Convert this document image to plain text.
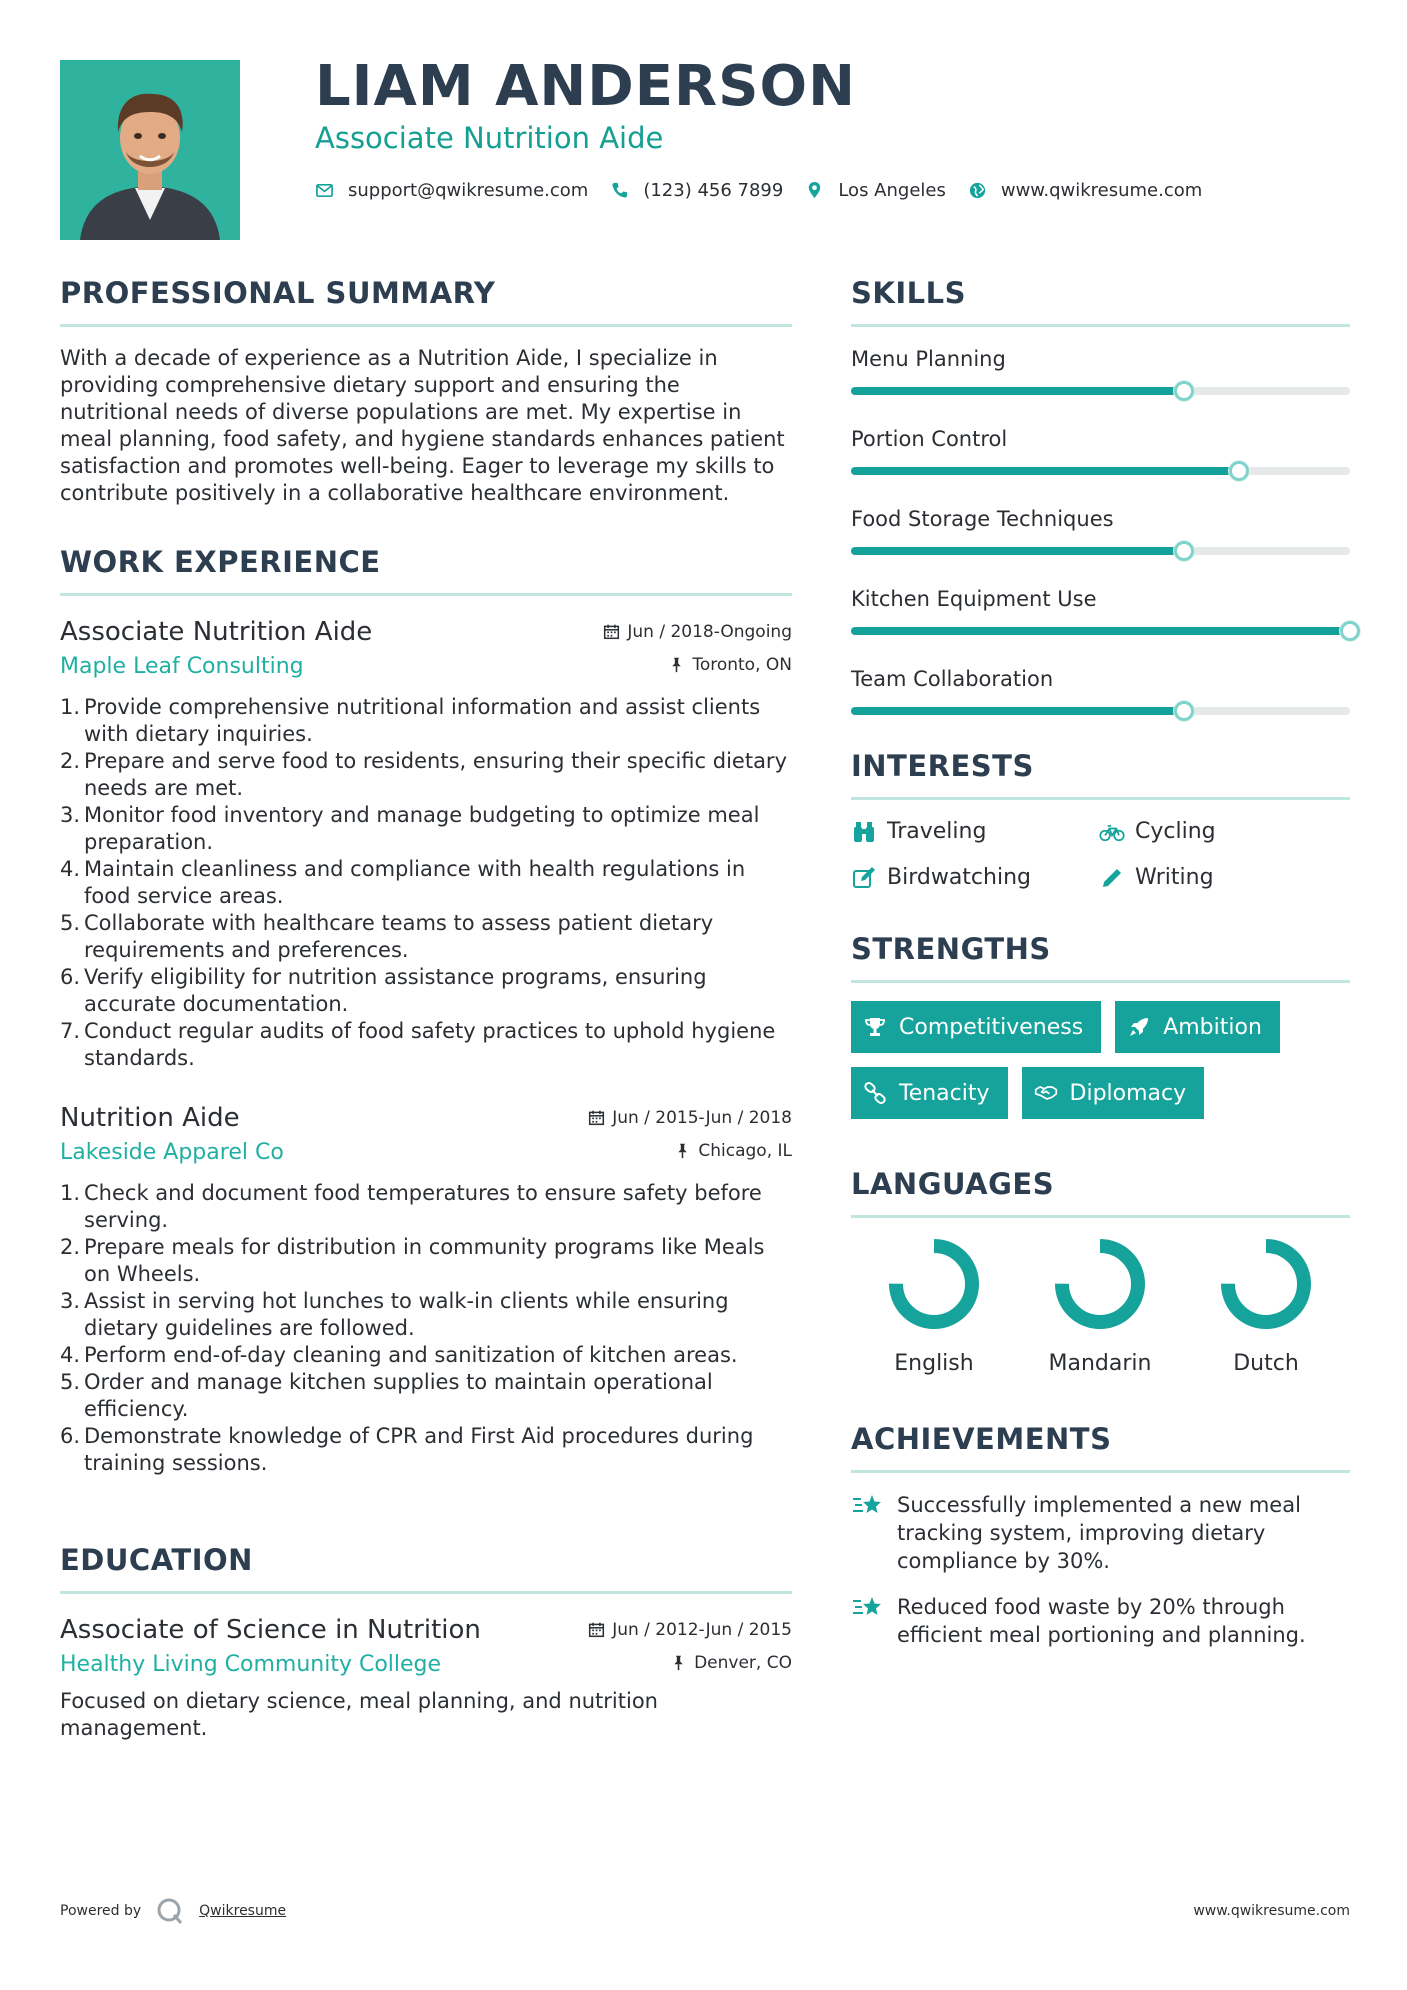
LIAM ANDERSON
Associate Nutrition Aide
support@qwikresume.com	(123) 456 7899	Los Angeles	www.qwikresume.com
PROFESSIONAL SUMMARY

With a decade of experience as a Nutrition Aide, I specialize in providing comprehensive dietary support and ensuring the nutritional needs of diverse populations are met. My expertise in meal planning, food safety, and hygiene standards enhances patient satisfaction and promotes well-being. Eager to leverage my skills to contribute positively in a collaborative healthcare environment.

WORK EXPERIENCE
Associate Nutrition Aide	Jun / 2018-Ongoing
Maple Leaf Consulting	Toronto, ON
1. Provide comprehensive nutritional information and assist clients with dietary inquiries.
2. Prepare and serve food to residents, ensuring their specific dietary needs are met.
3. Monitor food inventory and manage budgeting to optimize meal preparation.
4. Maintain cleanliness and compliance with health regulations in food service areas.
5. Collaborate with healthcare teams to assess patient dietary requirements and preferences.
6. Verify eligibility for nutrition assistance programs, ensuring accurate documentation.
7. Conduct regular audits of food safety practices to uphold hygiene standards.
Nutrition Aide	Jun / 2015-Jun / 2018
Lakeside Apparel Co	Chicago, IL
1. Check and document food temperatures to ensure safety before serving.
2. Prepare meals for distribution in community programs like Meals on Wheels.
3. Assist in serving hot lunches to walk-in clients while ensuring dietary guidelines are followed.
4. Perform end-of-day cleaning and sanitization of kitchen areas.
5. Order and manage kitchen supplies to maintain operational efficiency.
6. Demonstrate knowledge of CPR and First Aid procedures during training sessions.
EDUCATION
Associate of Science in Nutrition	Jun / 2012-Jun / 2015
Healthy Living Community College	Denver, CO

Focused on dietary science, meal planning, and nutrition management.

SKILLS
Menu Planning
Portion Control
Food Storage Techniques
Kitchen Equipment Use
Team Collaboration
INTERESTS
Traveling	Cycling
Birdwatching	Writing
STRENGTHS
Competitiveness	Ambition
Tenacity	Diplomacy
LANGUAGES
English	Mandarin	Dutch
ACHIEVEMENTS
Successfully implemented a new meal tracking system, improving dietary compliance by 30%.
Reduced food waste by 20% through efficient meal portioning and planning.
Powered by	Qwikresume	www.qwikresume.com
